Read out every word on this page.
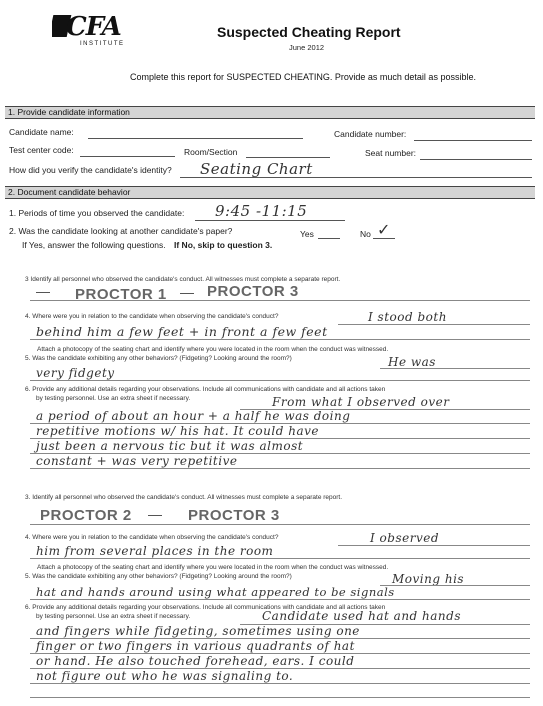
CFA
INSTITUTE
Suspected Cheating Report
June 2012
Complete this report for SUSPECTED CHEATING. Provide as much detail as possible.
1. Provide candidate information
Candidate name:	Candidate number:
Test center code:	Room/Section	Seat number:
How did you verify the candidate's identity? Seating Chart
2. Document candidate behavior
1. Periods of time you observed the candidate: 9:45 -11:15
2. Was the candidate looking at another candidate's paper?	Yes	No ✓
If Yes, answer the following questions. If No, skip to question 3.
3 Identify all personnel who observed the candidate's conduct. All witnesses must complete a separate report.
PROCTOR 1	PROCTOR 3
4. Where were you in relation to the candidate when observing the candidate's conduct?	I stood both
behind him a few feet + in front a few feet
Attach a photocopy of the seating chart and identify where you were located in the room when the conduct was witnessed.
5. Was the candidate exhibiting any other behaviors? (Fidgeting? Looking around the room?)	He was
very fidgety
6. Provide any additional details regarding your observations. Include all communications with candidate and all actions taken
by testing personnel. Use an extra sheet if necessary.	From what I observed over
a period of about an hour + a half he was doing
repetitive motions w/ his hat. It could have
just been a nervous tic but it was almost
constant + was very repetitive
3. Identify all personnel who observed the candidate's conduct. All witnesses must complete a separate report.
PROCTOR 2	PROCTOR 3
4. Where were you in relation to the candidate when observing the candidate's conduct?	I observed
him from several places in the room
Attach a photocopy of the seating chart and identify where you were located in the room when the conduct was witnessed.
5. Was the candidate exhibiting any other behaviors? (Fidgeting? Looking around the room?)	Moving his
hat and hands around using what appeared to be signals
6. Provide any additional details regarding your observations. Include all communications with candidate and all actions taken
by testing personnel. Use an extra sheet if necessary.	Candidate used hat and hands
and fingers while fidgeting, sometimes using one
finger or two fingers in various quadrants of hat
or hand. He also touched forehead, ears. I could
not figure out who he was signaling to.
